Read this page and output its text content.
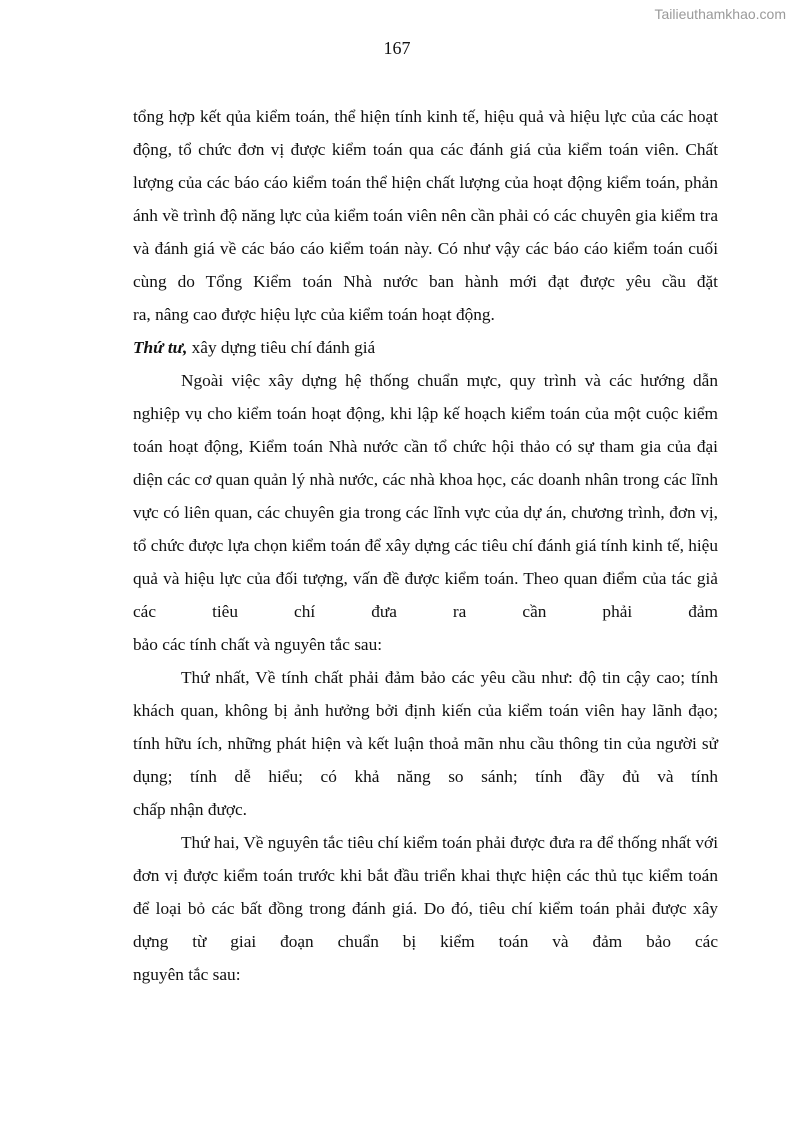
Tailieuthamkhao.com
167

tổng hợp kết qủa kiểm toán, thể hiện tính kinh tế, hiệu quả và hiệu lực của các hoạt động, tổ chức đơn vị được kiểm toán qua các đánh giá của kiểm toán viên. Chất lượng của các báo cáo kiểm toán thể hiện chất lượng của hoạt động kiểm toán, phản ánh về trình độ năng lực của kiểm toán viên nên cần phải có các chuyên gia kiểm tra và đánh giá về các báo cáo kiểm toán này. Có như vậy các báo cáo kiểm toán cuối cùng do Tổng Kiểm toán Nhà nước ban hành mới đạt được yêu cầu đặt
ra, nâng cao được hiệu lực của kiểm toán hoạt động.

Thứ tư, xây dựng tiêu chí đánh giá

Ngoài việc xây dựng hệ thống chuẩn mực, quy trình và các hướng dẫn nghiệp vụ cho kiểm toán hoạt động, khi lập kế hoạch kiểm toán của một cuộc kiểm toán hoạt động, Kiểm toán Nhà nước cần tổ chức hội thảo có sự tham gia của đại diện các cơ quan quản lý nhà nước, các nhà khoa học, các doanh nhân trong các lĩnh vực có liên quan, các chuyên gia trong các lĩnh vực của dự án, chương trình, đơn vị, tổ chức được lựa chọn kiểm toán để xây dựng các tiêu chí đánh giá tính kinh tế, hiệu quả và hiệu lực của đối tượng, vấn đề được kiểm toán. Theo quan điểm của tác giả các tiêu chí đưa ra cần phải đảm
bảo các tính chất và nguyên tắc sau:

Thứ nhất, Về tính chất phải đảm bảo các yêu cầu như: độ tin cậy cao; tính khách quan, không bị ảnh hưởng bởi định kiến của kiểm toán viên hay lãnh đạo; tính hữu ích, những phát hiện và kết luận thoả mãn nhu cầu thông tin của người sử dụng; tính dễ hiểu; có khả năng so sánh; tính đầy đủ và tính
chấp nhận được.

Thứ hai, Về nguyên tắc tiêu chí kiểm toán phải được đưa ra để thống nhất với đơn vị được kiểm toán trước khi bắt đầu triển khai thực hiện các thủ tục kiểm toán để loại bỏ các bất đồng trong đánh giá. Do đó, tiêu chí kiểm toán phải được xây dựng từ giai đoạn chuẩn bị kiểm toán và đảm bảo các
nguyên tắc sau:
